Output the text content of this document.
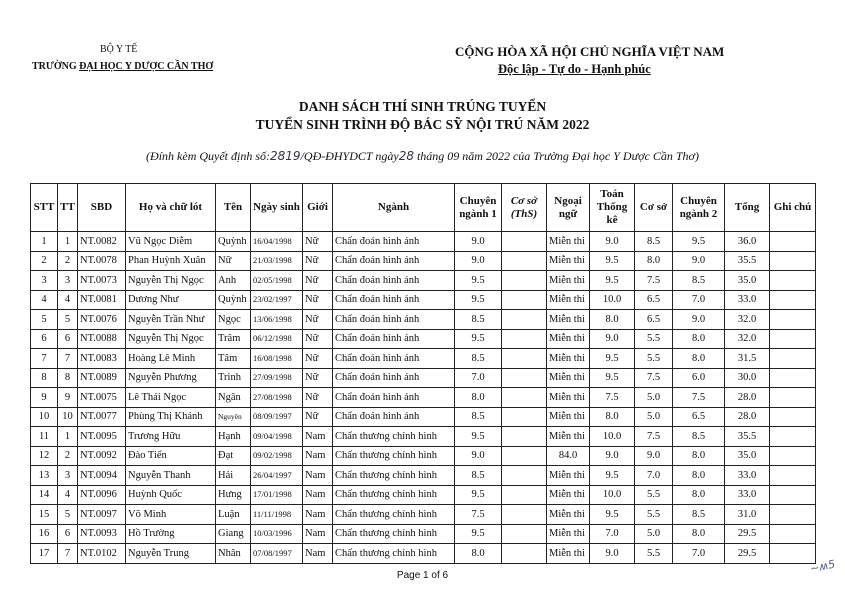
BỘ Y TẾ
TRƯỜNG ĐẠI HỌC Y DƯỢC CẦN THƠ
CỘNG HÒA XÃ HỘI CHỦ NGHĨA VIỆT NAM
Độc lập - Tự do - Hạnh phúc
DANH SÁCH THÍ SINH TRÚNG TUYỂN
TUYỂN SINH TRÌNH ĐỘ BÁC SỸ NỘI TRÚ NĂM 2022
(Đính kèm Quyết định số:2819/QĐ-ĐHYDCT ngày28 tháng 09 năm 2022 của Trường Đại học Y Dược Cần Thơ)
STT	TT	SBD	Họ và chữ lót	Tên	Ngày sinh	Giới	Ngành	Chuyên ngành 1	Cơ sở (ThS)	Ngoại ngữ	Toán Thống kê	Cơ sở	Chuyên ngành 2	Tổng	Ghi chú
1	1	NT.0082	Vũ Ngọc Diễm	Quỳnh	16/04/1998	Nữ	Chẩn đoán hình ảnh	9.0		Miễn thi	9.0	8.5	9.5	36.0	
2	2	NT.0078	Phan Huỳnh Xuân	Nữ	21/03/1998	Nữ	Chẩn đoán hình ảnh	9.0		Miễn thi	9.5	8.0	9.0	35.5	
3	3	NT.0073	Nguyễn Thị Ngọc	Anh	02/05/1998	Nữ	Chẩn đoán hình ảnh	9.5		Miễn thi	9.5	7.5	8.5	35.0	
4	4	NT.0081	Dương Như	Quỳnh	23/02/1997	Nữ	Chẩn đoán hình ảnh	9.5		Miễn thi	10.0	6.5	7.0	33.0	
5	5	NT.0076	Nguyễn Trần Như	Ngọc	13/06/1998	Nữ	Chẩn đoán hình ảnh	8.5		Miễn thi	8.0	6.5	9.0	32.0	
6	6	NT.0088	Nguyễn Thị Ngọc	Trâm	06/12/1998	Nữ	Chẩn đoán hình ảnh	9.5		Miễn thi	9.0	5.5	8.0	32.0	
7	7	NT.0083	Hoàng Lê Minh	Tâm	16/08/1998	Nữ	Chẩn đoán hình ảnh	8.5		Miễn thi	9.5	5.5	8.0	31.5	
8	8	NT.0089	Nguyễn Phương	Trinh	27/09/1998	Nữ	Chẩn đoán hình ảnh	7.0		Miễn thi	9.5	7.5	6.0	30.0	
9	9	NT.0075	Lê Thái Ngọc	Ngân	27/08/1998	Nữ	Chẩn đoán hình ảnh	8.0		Miễn thi	7.5	5.0	7.5	28.0	
10	10	NT.0077	Phùng Thị Khánh	Nguyên	08/09/1997	Nữ	Chẩn đoán hình ảnh	8.5		Miễn thi	8.0	5.0	6.5	28.0	
11	1	NT.0095	Trương Hữu	Hạnh	09/04/1998	Nam	Chấn thương chỉnh hình	9.5		Miễn thi	10.0	7.5	8.5	35.5	
12	2	NT.0092	Đào Tiến	Đạt	09/02/1998	Nam	Chấn thương chỉnh hình	9.0		84.0	9.0	9.0	8.0	35.0	
13	3	NT.0094	Nguyễn Thanh	Hải	26/04/1997	Nam	Chấn thương chỉnh hình	8.5		Miễn thi	9.5	7.0	8.0	33.0	
14	4	NT.0096	Huỳnh Quốc	Hưng	17/01/1998	Nam	Chấn thương chỉnh hình	9.5		Miễn thi	10.0	5.5	8.0	33.0	
15	5	NT.0097	Võ Minh	Luận	11/11/1998	Nam	Chấn thương chỉnh hình	7.5		Miễn thi	9.5	5.5	8.5	31.0	
16	6	NT.0093	Hồ Trường	Giang	10/03/1996	Nam	Chấn thương chỉnh hình	9.5		Miễn thi	7.0	5.0	8.0	29.5	
17	7	NT.0102	Nguyễn Trung	Nhân	07/08/1997	Nam	Chấn thương chỉnh hình	8.0		Miễn thi	9.0	5.5	7.0	29.5	
Page 1 of 6
~ʍ5
